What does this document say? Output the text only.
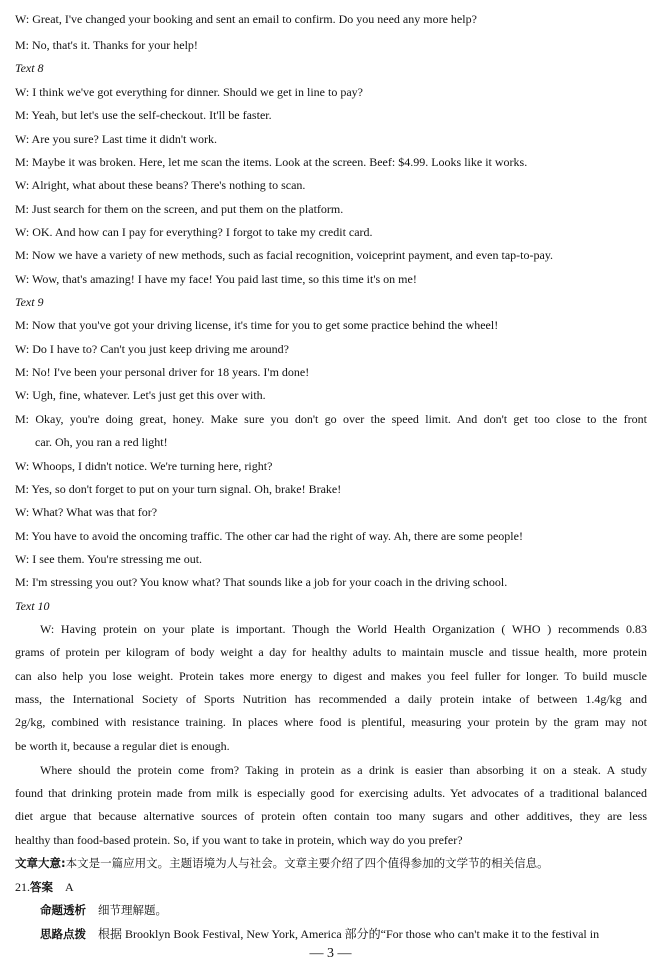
W: Great, I've changed your booking and sent an email to confirm. Do you need any more help?
M: No, that's it. Thanks for your help!
Text 8
W: I think we've got everything for dinner. Should we get in line to pay?
M: Yeah, but let's use the self-checkout. It'll be faster.
W: Are you sure? Last time it didn't work.
M: Maybe it was broken. Here, let me scan the items. Look at the screen. Beef: $4.99. Looks like it works.
W: Alright, what about these beans? There's nothing to scan.
M: Just search for them on the screen, and put them on the platform.
W: OK. And how can I pay for everything? I forgot to take my credit card.
M: Now we have a variety of new methods, such as facial recognition, voiceprint payment, and even tap-to-pay.
W: Wow, that's amazing! I have my face! You paid last time, so this time it's on me!
Text 9
M: Now that you've got your driving license, it's time for you to get some practice behind the wheel!
W: Do I have to? Can't you just keep driving me around?
M: No! I've been your personal driver for 18 years. I'm done!
W: Ugh, fine, whatever. Let's just get this over with.
M: Okay, you're doing great, honey. Make sure you don't go over the speed limit. And don't get too close to the front
car. Oh, you ran a red light!
W: Whoops, I didn't notice. We're turning here, right?
M: Yes, so don't forget to put on your turn signal. Oh, brake! Brake!
W: What? What was that for?
M: You have to avoid the oncoming traffic. The other car had the right of way. Ah, there are some people!
W: I see them. You're stressing me out.
M: I'm stressing you out? You know what? That sounds like a job for your coach in the driving school.
Text 10
W: Having protein on your plate is important. Though the World Health Organization ( WHO ) recommends 0.83
grams of protein per kilogram of body weight a day for healthy adults to maintain muscle and tissue health, more protein
can also help you lose weight. Protein takes more energy to digest and makes you feel fuller for longer. To build muscle
mass, the International Society of Sports Nutrition has recommended a daily protein intake of between 1.4g/kg and
2g/kg, combined with resistance training. In places where food is plentiful, measuring your protein by the gram may not
be worth it, because a regular diet is enough.
Where should the protein come from? Taking in protein as a drink is easier than absorbing it on a steak. A study
found that drinking protein made from milk is especially good for exercising adults. Yet advocates of a traditional balanced
diet argue that because alternative sources of protein often contain too many sugars and other additives, they are less
healthy than food-based protein. So, if you want to take in protein, which way do you prefer?
文章大意:本文是一篇应用文。主题语境为人与社会。文章主要介绍了四个值得参加的文学节的相关信息。
21.答案 A
命题透析 细节理解题。
思路点拨 根据 Brooklyn Book Festival, New York, America 部分的“For those who can't make it to the festival in
— 3 —
